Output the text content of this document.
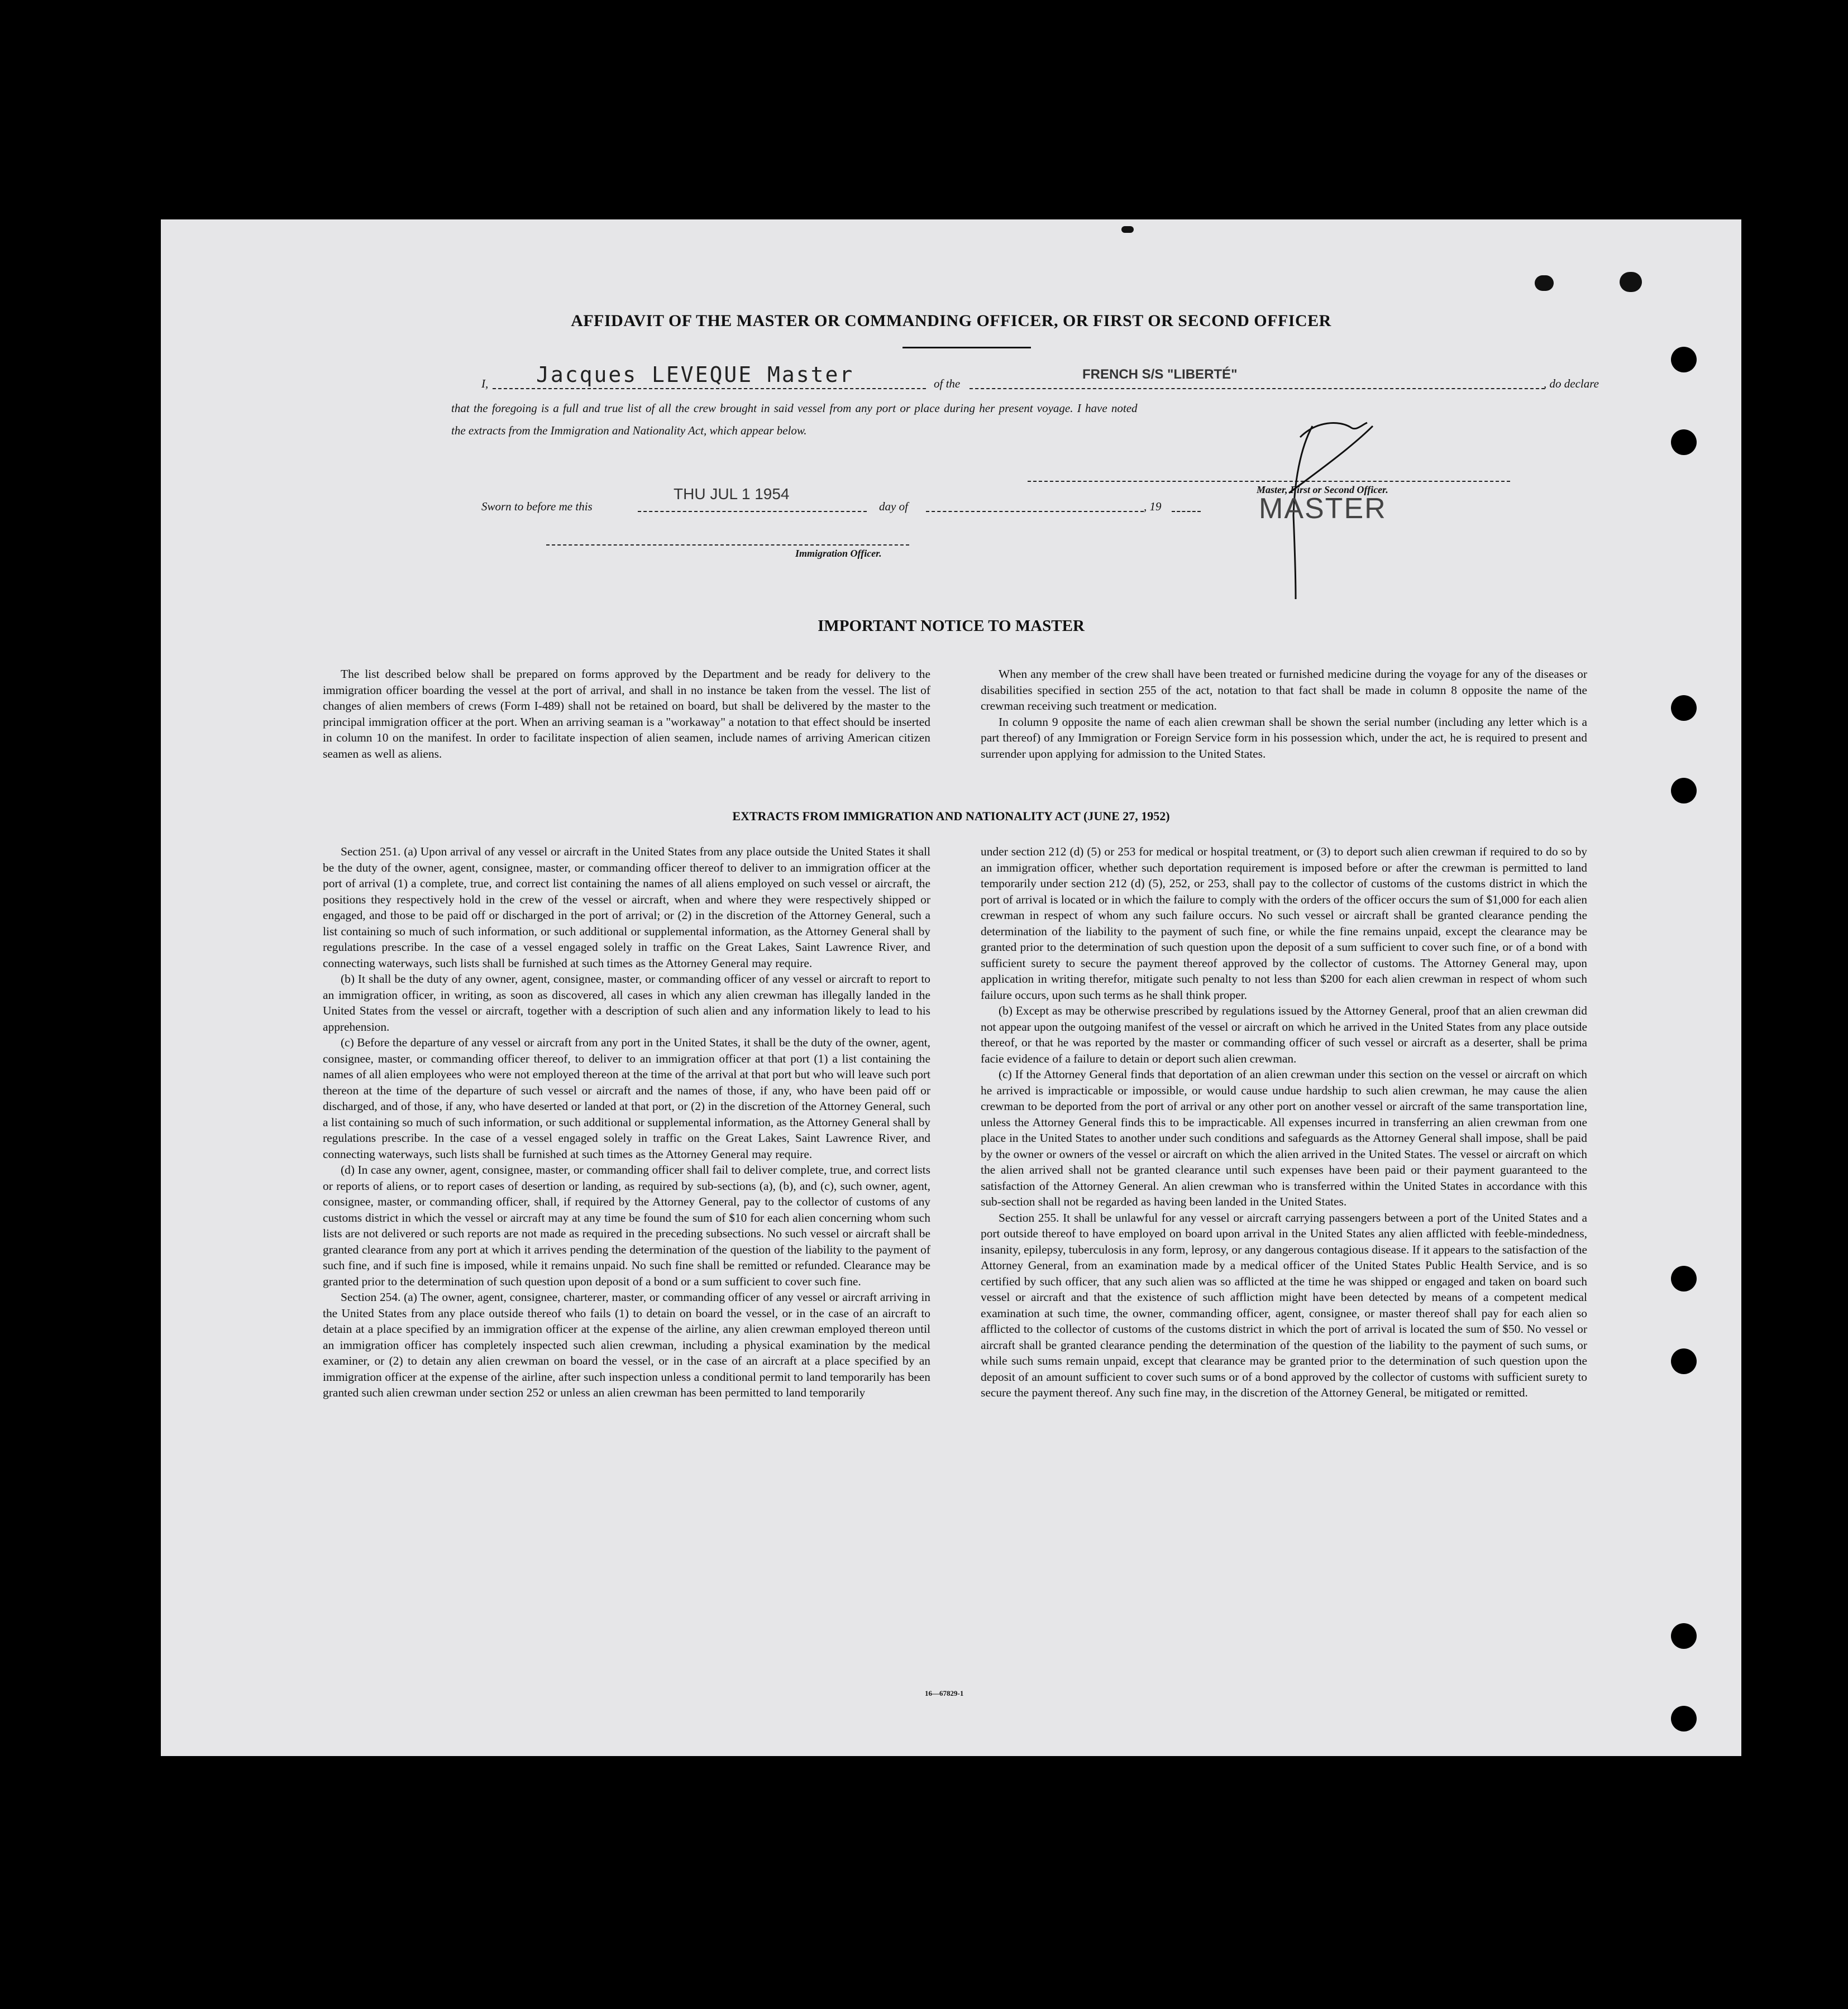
AFFIDAVIT OF THE MASTER OR COMMANDING OFFICER, OR FIRST OR SECOND OFFICER
I, Jacques LEVEQUE Master	of the
FRENCH S/S "LIBERTÉ"
, do declare
that the foregoing is a full and true list of all the crew brought in said vessel from any port or place during her present voyage. I have noted
the extracts from the Immigration and Nationality Act, which appear below.
Master, First or Second Officer.
MASTER
Sworn to before me this
THU JUL 1 1954
day of	, 19
Immigration Officer.
IMPORTANT NOTICE TO MASTER

The list described below shall be prepared on forms approved by the Department and be ready for delivery to the immigration officer boarding the vessel at the port of arrival, and shall in no instance be taken from the vessel. The list of changes of alien members of crews (Form I-489) shall not be retained on board, but shall be delivered by the master to the principal immigration officer at the port. When an arriving seaman is a "workaway" a notation to that effect should be inserted in column 10 on the manifest. In order to facilitate inspection of alien seamen, include names of arriving American citizen seamen as well as aliens.

When any member of the crew shall have been treated or furnished medicine during the voyage for any of the diseases or disabilities specified in section 255 of the act, notation to that fact shall be made in column 8 opposite the name of the crewman receiving such treatment or medication.

In column 9 opposite the name of each alien crewman shall be shown the serial number (including any letter which is a part thereof) of any Immigration or Foreign Service form in his possession which, under the act, he is required to present and surrender upon applying for admission to the United States.

EXTRACTS FROM IMMIGRATION AND NATIONALITY ACT (JUNE 27, 1952)

Section 251. (a) Upon arrival of any vessel or aircraft in the United States from any place outside the United States it shall be the duty of the owner, agent, consignee, master, or commanding officer thereof to deliver to an immigration officer at the port of arrival (1) a complete, true, and correct list containing the names of all aliens employed on such vessel or aircraft, the positions they respectively hold in the crew of the vessel or aircraft, when and where they were respectively shipped or engaged, and those to be paid off or discharged in the port of arrival; or (2) in the discretion of the Attorney General, such a list containing so much of such information, or such additional or supplemental information, as the Attorney General shall by regulations prescribe. In the case of a vessel engaged solely in traffic on the Great Lakes, Saint Lawrence River, and connecting waterways, such lists shall be furnished at such times as the Attorney General may require.

(b) It shall be the duty of any owner, agent, consignee, master, or commanding officer of any vessel or aircraft to report to an immigration officer, in writing, as soon as discovered, all cases in which any alien crewman has illegally landed in the United States from the vessel or aircraft, together with a description of such alien and any information likely to lead to his apprehension.

(c) Before the departure of any vessel or aircraft from any port in the United States, it shall be the duty of the owner, agent, consignee, master, or commanding officer thereof, to deliver to an immigration officer at that port (1) a list containing the names of all alien employees who were not employed thereon at the time of the arrival at that port but who will leave such port thereon at the time of the departure of such vessel or aircraft and the names of those, if any, who have been paid off or discharged, and of those, if any, who have deserted or landed at that port, or (2) in the discretion of the Attorney General, such a list containing so much of such information, or such additional or supplemental information, as the Attorney General shall by regulations prescribe. In the case of a vessel engaged solely in traffic on the Great Lakes, Saint Lawrence River, and connecting waterways, such lists shall be furnished at such times as the Attorney General may require.

(d) In case any owner, agent, consignee, master, or commanding officer shall fail to deliver complete, true, and correct lists or reports of aliens, or to report cases of desertion or landing, as required by sub-sections (a), (b), and (c), such owner, agent, consignee, master, or commanding officer, shall, if required by the Attorney General, pay to the collector of customs of any customs district in which the vessel or aircraft may at any time be found the sum of $10 for each alien concerning whom such lists are not delivered or such reports are not made as required in the preceding subsections. No such vessel or aircraft shall be granted clearance from any port at which it arrives pending the determination of the question of the liability to the payment of such fine, and if such fine is imposed, while it remains unpaid. No such fine shall be remitted or refunded. Clearance may be granted prior to the determination of such question upon deposit of a bond or a sum sufficient to cover such fine.

Section 254. (a) The owner, agent, consignee, charterer, master, or commanding officer of any vessel or aircraft arriving in the United States from any place outside thereof who fails (1) to detain on board the vessel, or in the case of an aircraft to detain at a place specified by an immigration officer at the expense of the airline, any alien crewman employed thereon until an immigration officer has completely inspected such alien crewman, including a physical examination by the medical examiner, or (2) to detain any alien crewman on board the vessel, or in the case of an aircraft at a place specified by an immigration officer at the expense of the airline, after such inspection unless a conditional permit to land temporarily has been granted such alien crewman under section 252 or unless an alien crewman has been permitted to land temporarily

under section 212 (d) (5) or 253 for medical or hospital treatment, or (3) to deport such alien crewman if required to do so by an immigration officer, whether such deportation requirement is imposed before or after the crewman is permitted to land temporarily under section 212 (d) (5), 252, or 253, shall pay to the collector of customs of the customs district in which the port of arrival is located or in which the failure to comply with the orders of the officer occurs the sum of $1,000 for each alien crewman in respect of whom any such failure occurs. No such vessel or aircraft shall be granted clearance pending the determination of the liability to the payment of such fine, or while the fine remains unpaid, except the clearance may be granted prior to the determination of such question upon the deposit of a sum sufficient to cover such fine, or of a bond with sufficient surety to secure the payment thereof approved by the collector of customs. The Attorney General may, upon application in writing therefor, mitigate such penalty to not less than $200 for each alien crewman in respect of whom such failure occurs, upon such terms as he shall think proper.

(b) Except as may be otherwise prescribed by regulations issued by the Attorney General, proof that an alien crewman did not appear upon the outgoing manifest of the vessel or aircraft on which he arrived in the United States from any place outside thereof, or that he was reported by the master or commanding officer of such vessel or aircraft as a deserter, shall be prima facie evidence of a failure to detain or deport such alien crewman.

(c) If the Attorney General finds that deportation of an alien crewman under this section on the vessel or aircraft on which he arrived is impracticable or impossible, or would cause undue hardship to such alien crewman, he may cause the alien crewman to be deported from the port of arrival or any other port on another vessel or aircraft of the same transportation line, unless the Attorney General finds this to be impracticable. All expenses incurred in transferring an alien crewman from one place in the United States to another under such conditions and safeguards as the Attorney General shall impose, shall be paid by the owner or owners of the vessel or aircraft on which the alien arrived in the United States. The vessel or aircraft on which the alien arrived shall not be granted clearance until such expenses have been paid or their payment guaranteed to the satisfaction of the Attorney General. An alien crewman who is transferred within the United States in accordance with this sub-section shall not be regarded as having been landed in the United States.

Section 255. It shall be unlawful for any vessel or aircraft carrying passengers between a port of the United States and a port outside thereof to have employed on board upon arrival in the United States any alien afflicted with feeble-mindedness, insanity, epilepsy, tuberculosis in any form, leprosy, or any dangerous contagious disease. If it appears to the satisfaction of the Attorney General, from an examination made by a medical officer of the United States Public Health Service, and is so certified by such officer, that any such alien was so afflicted at the time he was shipped or engaged and taken on board such vessel or aircraft and that the existence of such affliction might have been detected by means of a competent medical examination at such time, the owner, commanding officer, agent, consignee, or master thereof shall pay for each alien so afflicted to the collector of customs of the customs district in which the port of arrival is located the sum of $50. No vessel or aircraft shall be granted clearance pending the determination of the question of the liability to the payment of such sums, or while such sums remain unpaid, except that clearance may be granted prior to the determination of such question upon the deposit of an amount sufficient to cover such sums or of a bond approved by the collector of customs with sufficient surety to secure the payment thereof. Any such fine may, in the discretion of the Attorney General, be mitigated or remitted.

16—67829-1
